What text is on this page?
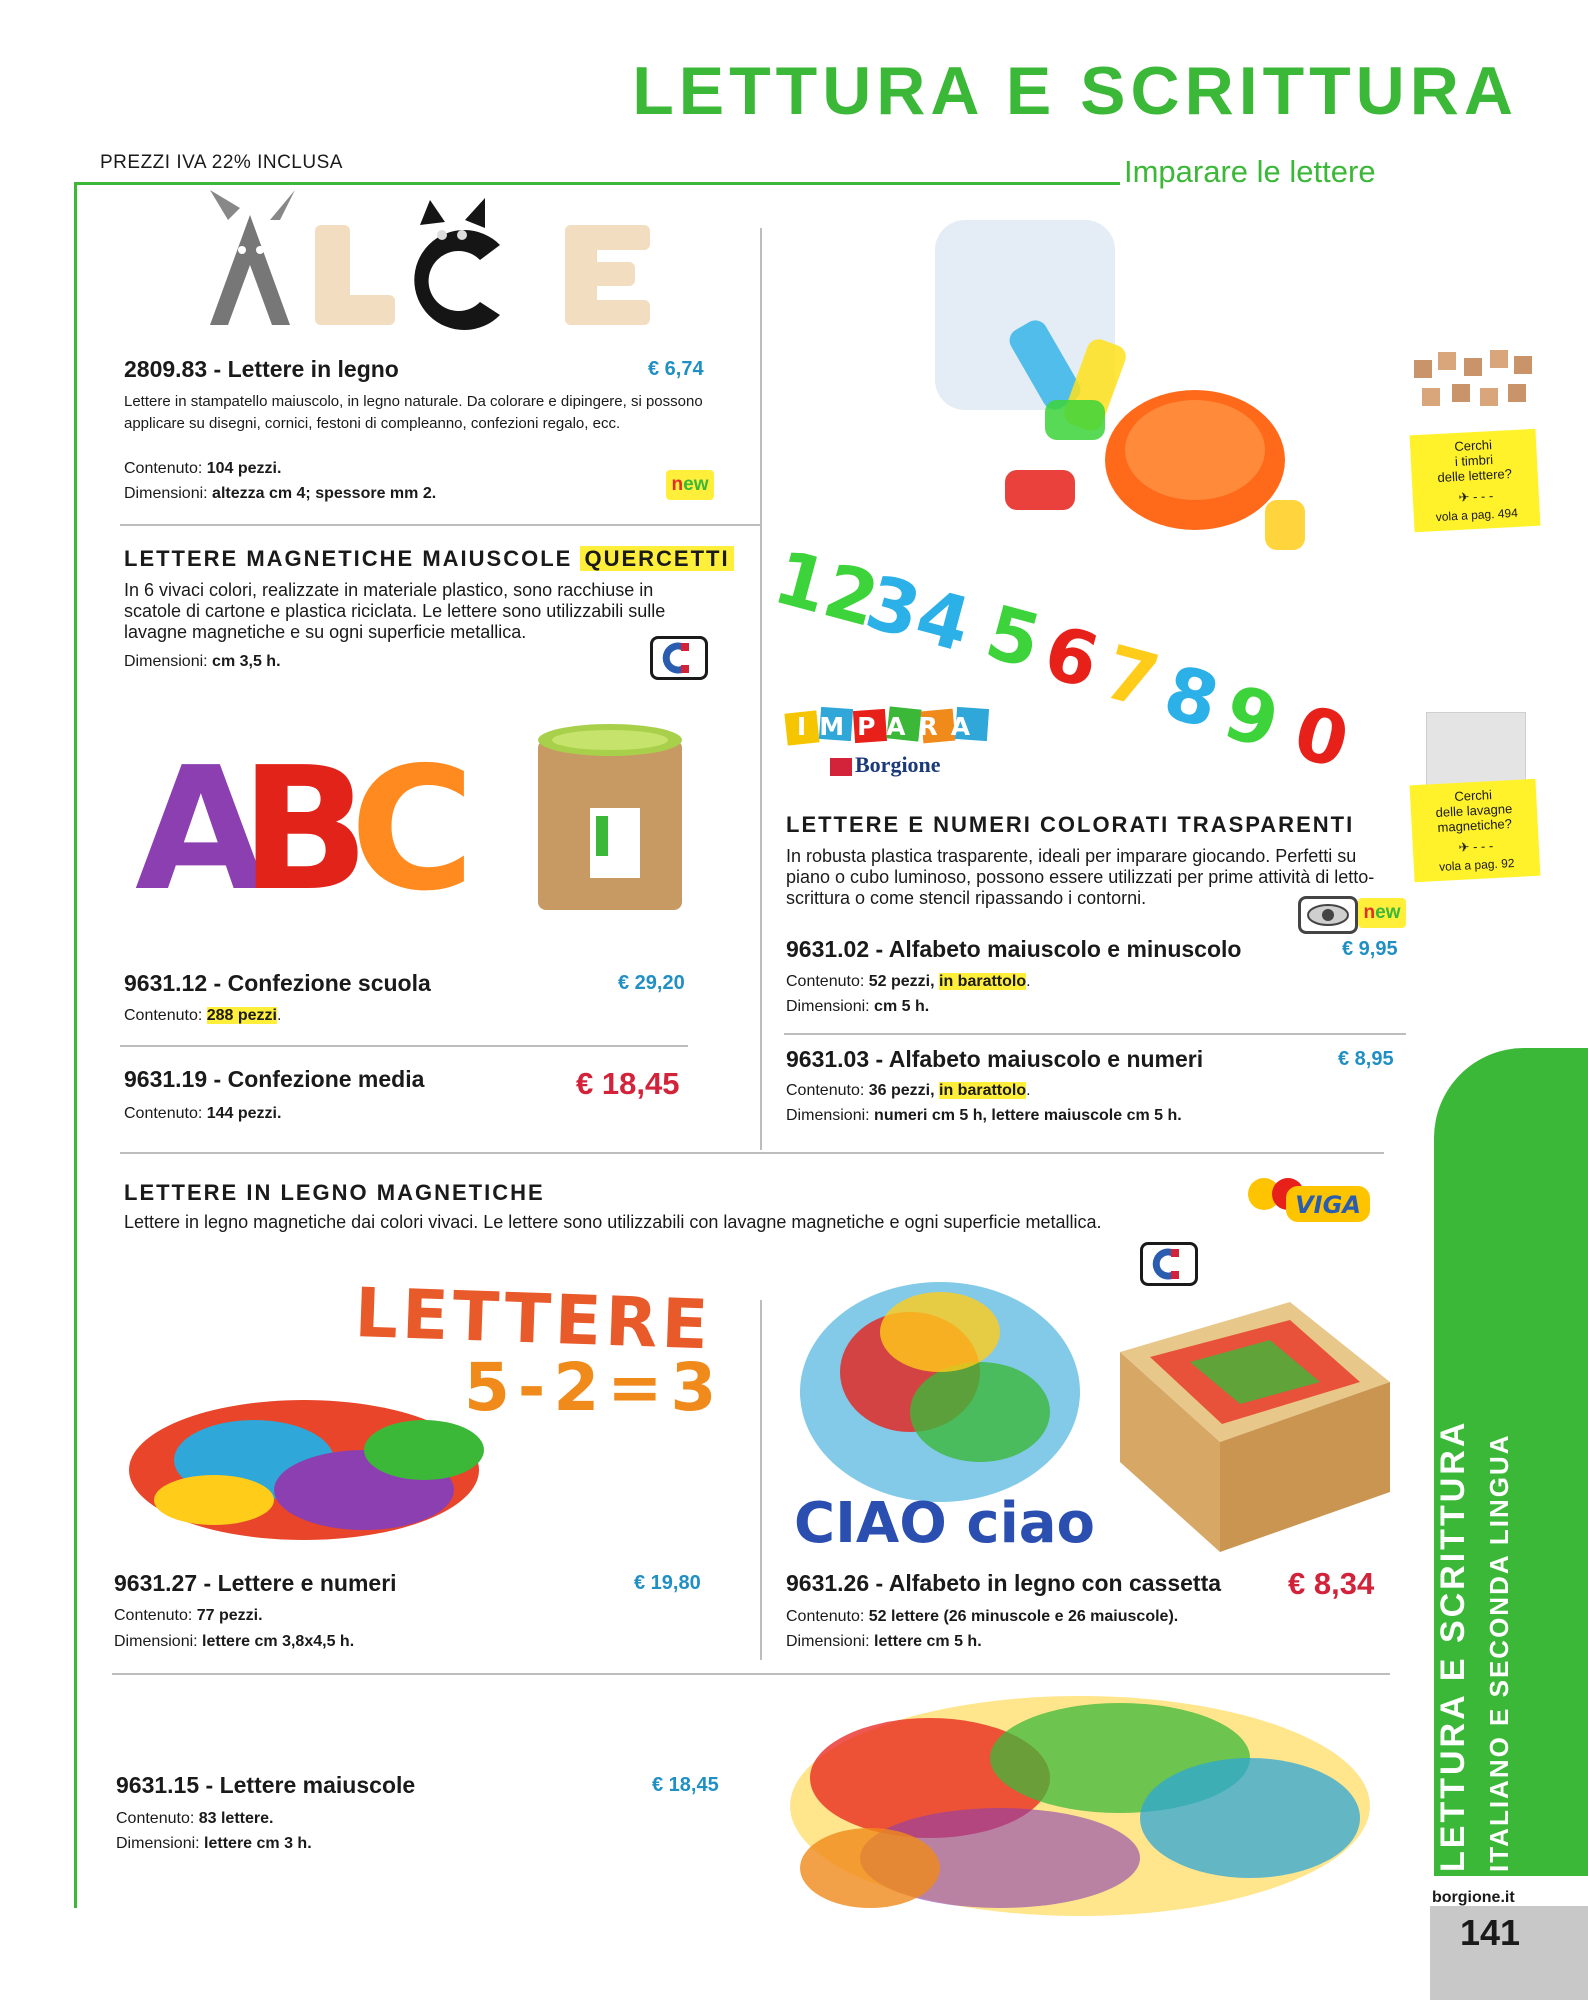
LETTURA E SCRITTURA
PREZZI IVA 22% INCLUSA	Imparare le lettere
2809.83 - Lettere in legno	€ 6,74
Lettere in stampatello maiuscolo, in legno naturale. Da colorare e dipingere, si possono applicare su disegni, cornici, festoni di compleanno, confezioni regalo, ecc.
Contenuto: 104 pezzi.
Dimensioni: altezza cm 4; spessore mm 2.	new
LETTERE MAGNETICHE MAIUSCOLE QUERCETTI
In 6 vivaci colori, realizzate in materiale plastico, sono racchiuse in scatole di cartone e plastica riciclata. Le lettere sono utilizzabili sulle lavagne magnetiche e su ogni superficie metallica.
Dimensioni: cm 3,5 h.
A
B
C
9631.12 - Confezione scuola	€ 29,20
Contenuto: 288 pezzi.
9631.19 - Confezione media	€ 18,45
Contenuto: 144 pezzi.
12
34
5
6
7
8
9
0
IMPARA
Borgione
LETTERE E NUMERI COLORATI TRASPARENTI
In robusta plastica trasparente, ideali per imparare giocando. Perfetti su piano o cubo luminoso, possono essere utilizzati per prime attività di letto-scrittura o come stencil ripassando i contorni.
new
9631.02 - Alfabeto maiuscolo e minuscolo	€ 9,95
Contenuto: 52 pezzi, in barattolo.
Dimensioni: cm 5 h.
9631.03 - Alfabeto maiuscolo e numeri	€ 8,95
Contenuto: 36 pezzi, in barattolo.
Dimensioni: numeri cm 5 h, lettere maiuscole cm 5 h.
Cerchi
i timbri
delle lettere?
✈ - - -
vola a pag. 494
Cerchi
delle lavagne
magnetiche?
✈ - - -
vola a pag. 92
LETTERE IN LEGNO MAGNETICHE
Lettere in legno magnetiche dai colori vivaci. Le lettere sono utilizzabili con lavagne magnetiche e ogni superficie metallica.
VIGA
LETTERE
5-2=3
CIAO ciao
9631.27 - Lettere e numeri	€ 19,80
Contenuto: 77 pezzi.
Dimensioni: lettere cm 3,8x4,5 h.
9631.26 - Alfabeto in legno con cassetta € 8,34
Contenuto: 52 lettere (26 minuscole e 26 maiuscole).
Dimensioni: lettere cm 5 h.
9631.15 - Lettere maiuscole	€ 18,45
Contenuto: 83 lettere.
Dimensioni: lettere cm 3 h.	LETTURA E SCRITTURA ITALIANO E SECONDA LINGUA
borgione.it
141
